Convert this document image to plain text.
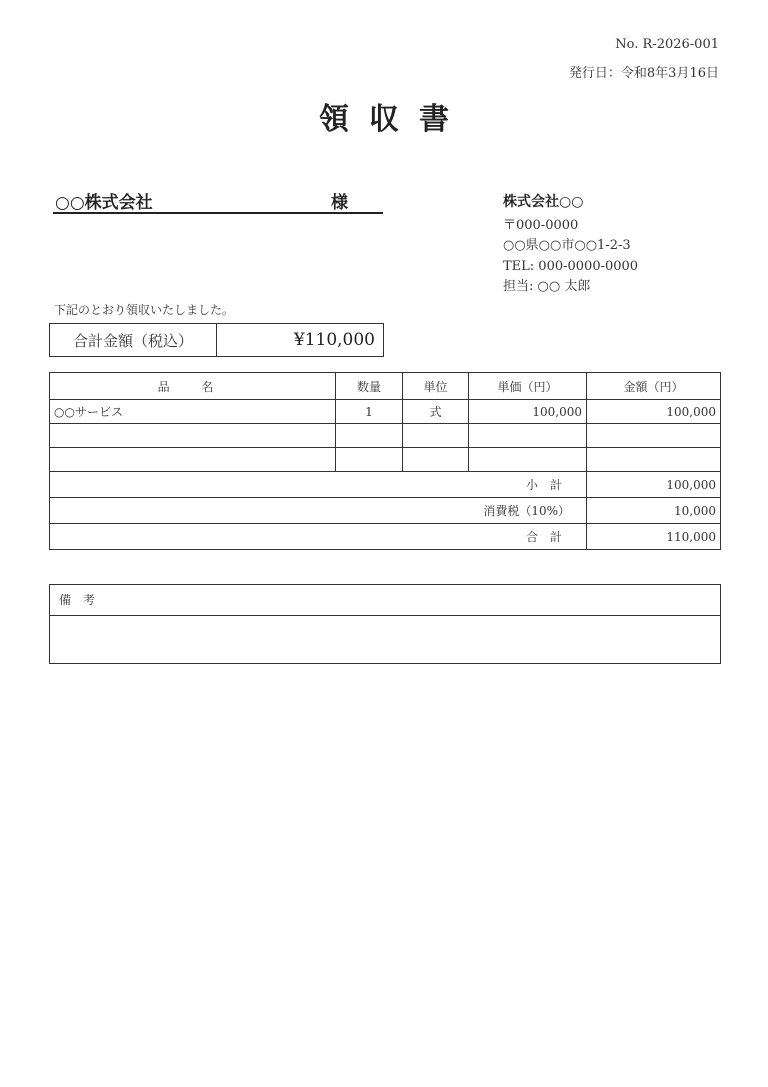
No. R-2026-001
発行日：令和8年3月16日
領収書
○○株式会社	様	株式会社○○
〒000-0000
○○県○○市○○1-2-3
TEL: 000-0000-0000
担当: ○○ 太郎
下記のとおり領収いたしました。
合計金額（税込）	¥110,000
品 名	数量	単位	単価（円）	金額（円）
○○サービス	1	式	100,000	100,000

小　計				100,000
消費税（10%）				10,000
合　計				110,000
備考
